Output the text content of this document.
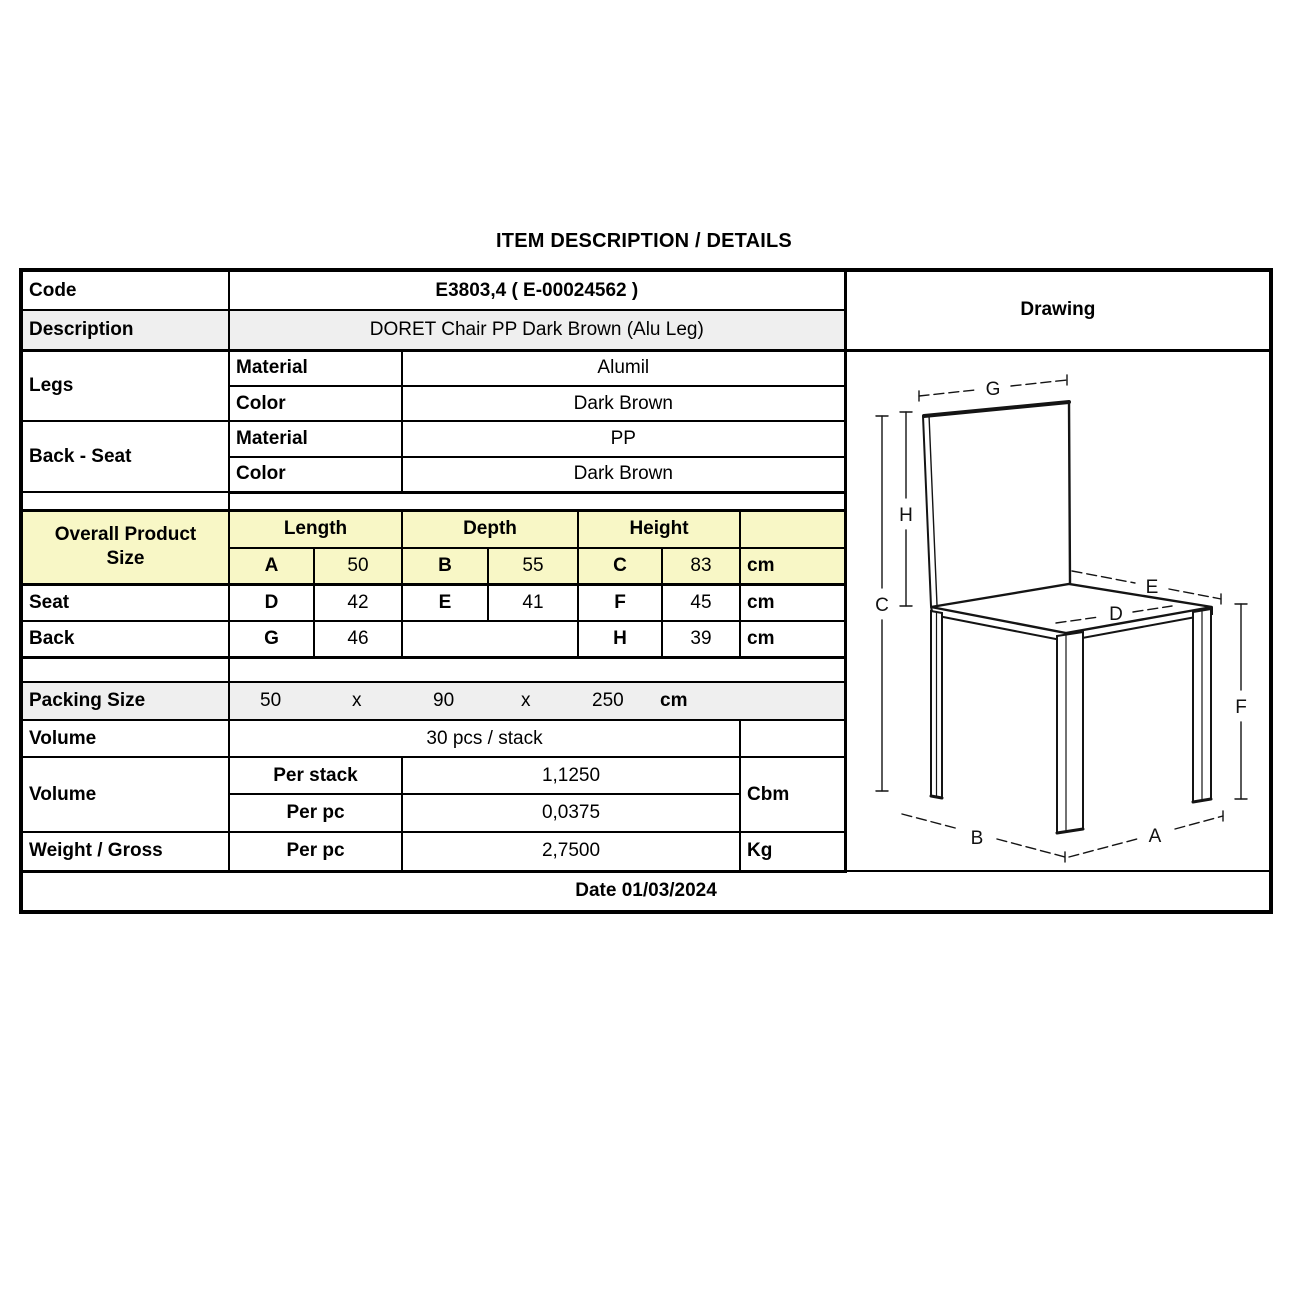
ITEM DESCRIPTION / DETAILS
Code	E3803,4 ( E-00024562 )							Drawing
Description	DORET Chair PP Dark Brown (Alu Leg)							
Legs	Material	Alumil	
G
H
C
E
D
F
B	A

	Color		Dark Brown					
Back - Seat	Material		PP					
	Color		Dark Brown					

Overall Product Size	Length		Depth		Height			
	A	50	B	55	C	83	cm	
Seat	D	42	E	41	F	45	cm	
Back	G	46			H	39	cm	

Packing Size	50	x	90	x	250 cm

Volume	30 pcs / stack							
Volume	Per stack		1,1250				Cbm	
	Per pc		0,0375					
Weight / Gross	Per pc		2,7500				Kg	
Date 01/03/2024								
